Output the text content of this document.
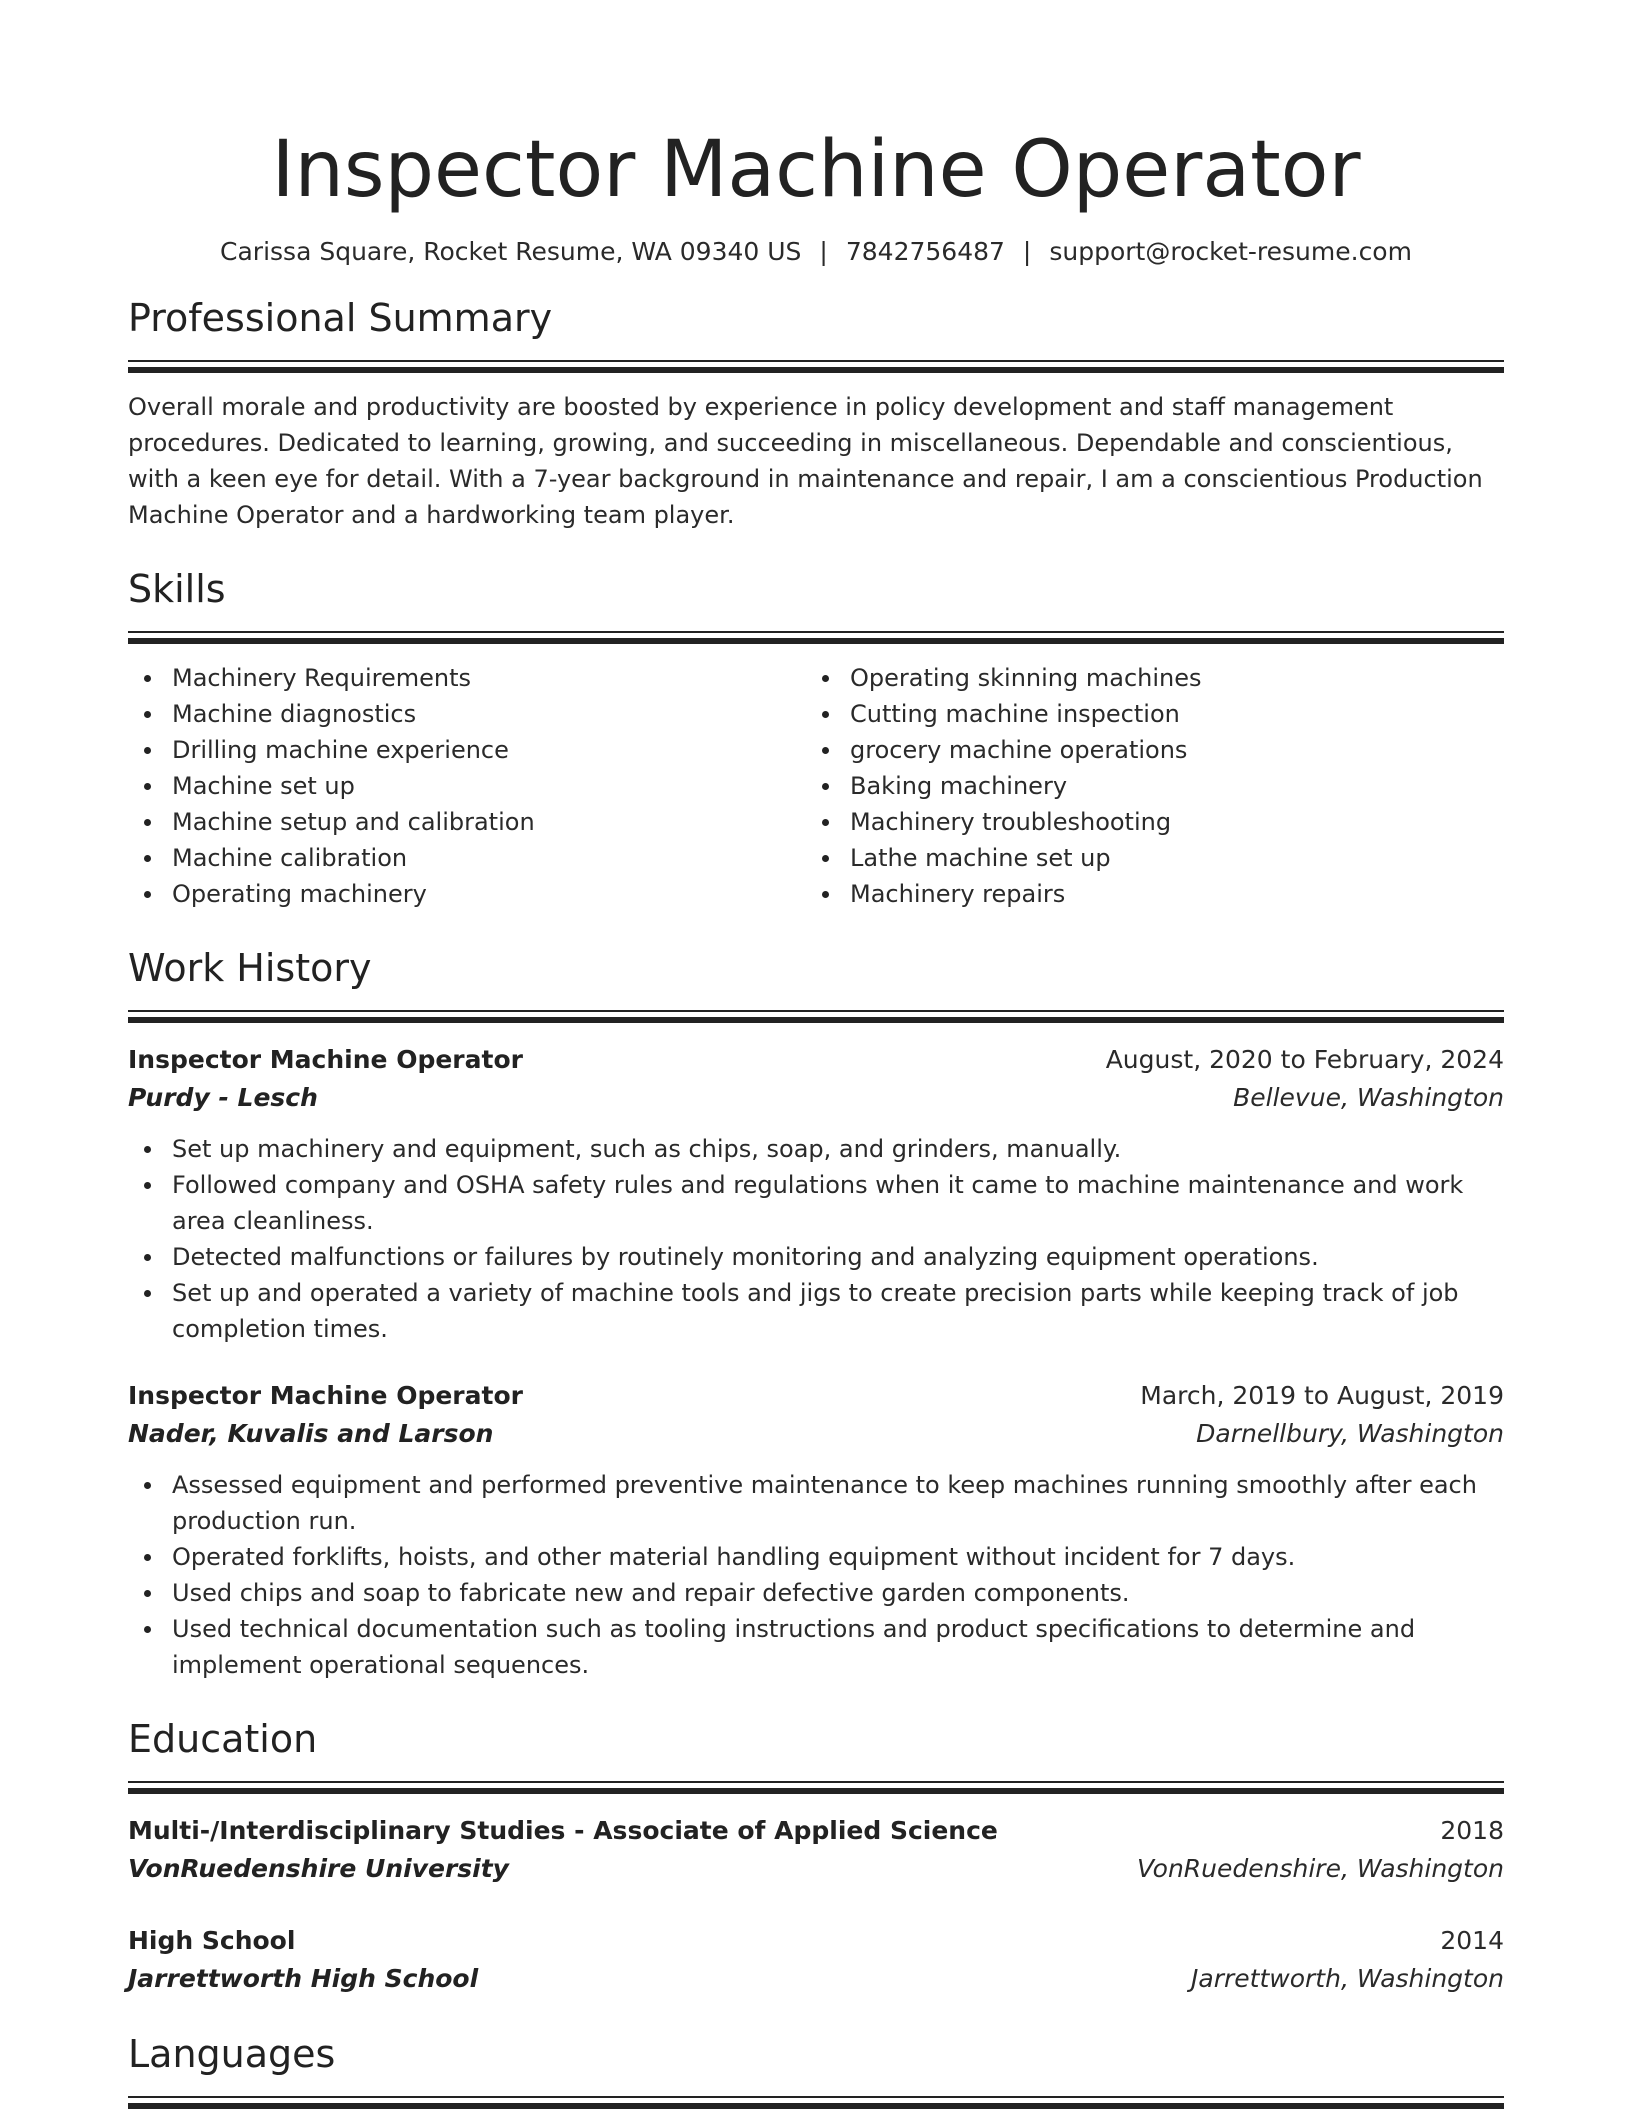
Inspector Machine Operator
Carissa Square, Rocket Resume, WA 09340 US | 7842756487 | support@rocket-resume.com
Professional Summary

Overall morale and productivity are boosted by experience in policy development and staff management procedures. Dedicated to learning, growing, and succeeding in miscellaneous. Dependable and conscientious, with a keen eye for detail. With a 7-year background in maintenance and repair, I am a conscientious Production Machine Operator and a hardworking team player.

Skills
Machinery Requirements
Machine diagnostics
Drilling machine experience
Machine set up
Machine setup and calibration
Machine calibration
Operating machinery
Operating skinning machines
Cutting machine inspection
grocery machine operations
Baking machinery
Machinery troubleshooting
Lathe machine set up
Machinery repairs
Work History
Inspector Machine Operator	August, 2020 to February, 2024
Purdy - Lesch	Bellevue, Washington
Set up machinery and equipment, such as chips, soap, and grinders, manually.
Followed company and OSHA safety rules and regulations when it came to machine maintenance and work area cleanliness.
Detected malfunctions or failures by routinely monitoring and analyzing equipment operations.
Set up and operated a variety of machine tools and jigs to create precision parts while keeping track of job completion times.
Inspector Machine Operator	March, 2019 to August, 2019
Nader, Kuvalis and Larson	Darnellbury, Washington
Assessed equipment and performed preventive maintenance to keep machines running smoothly after each production run.
Operated forklifts, hoists, and other material handling equipment without incident for 7 days.
Used chips and soap to fabricate new and repair defective garden components.
Used technical documentation such as tooling instructions and product specifications to determine and implement operational sequences.
Education
Multi-/Interdisciplinary Studies - Associate of Applied Science	2018
VonRuedenshire University	VonRuedenshire, Washington
High School	2014
Jarrettworth High School	Jarrettworth, Washington
Languages
